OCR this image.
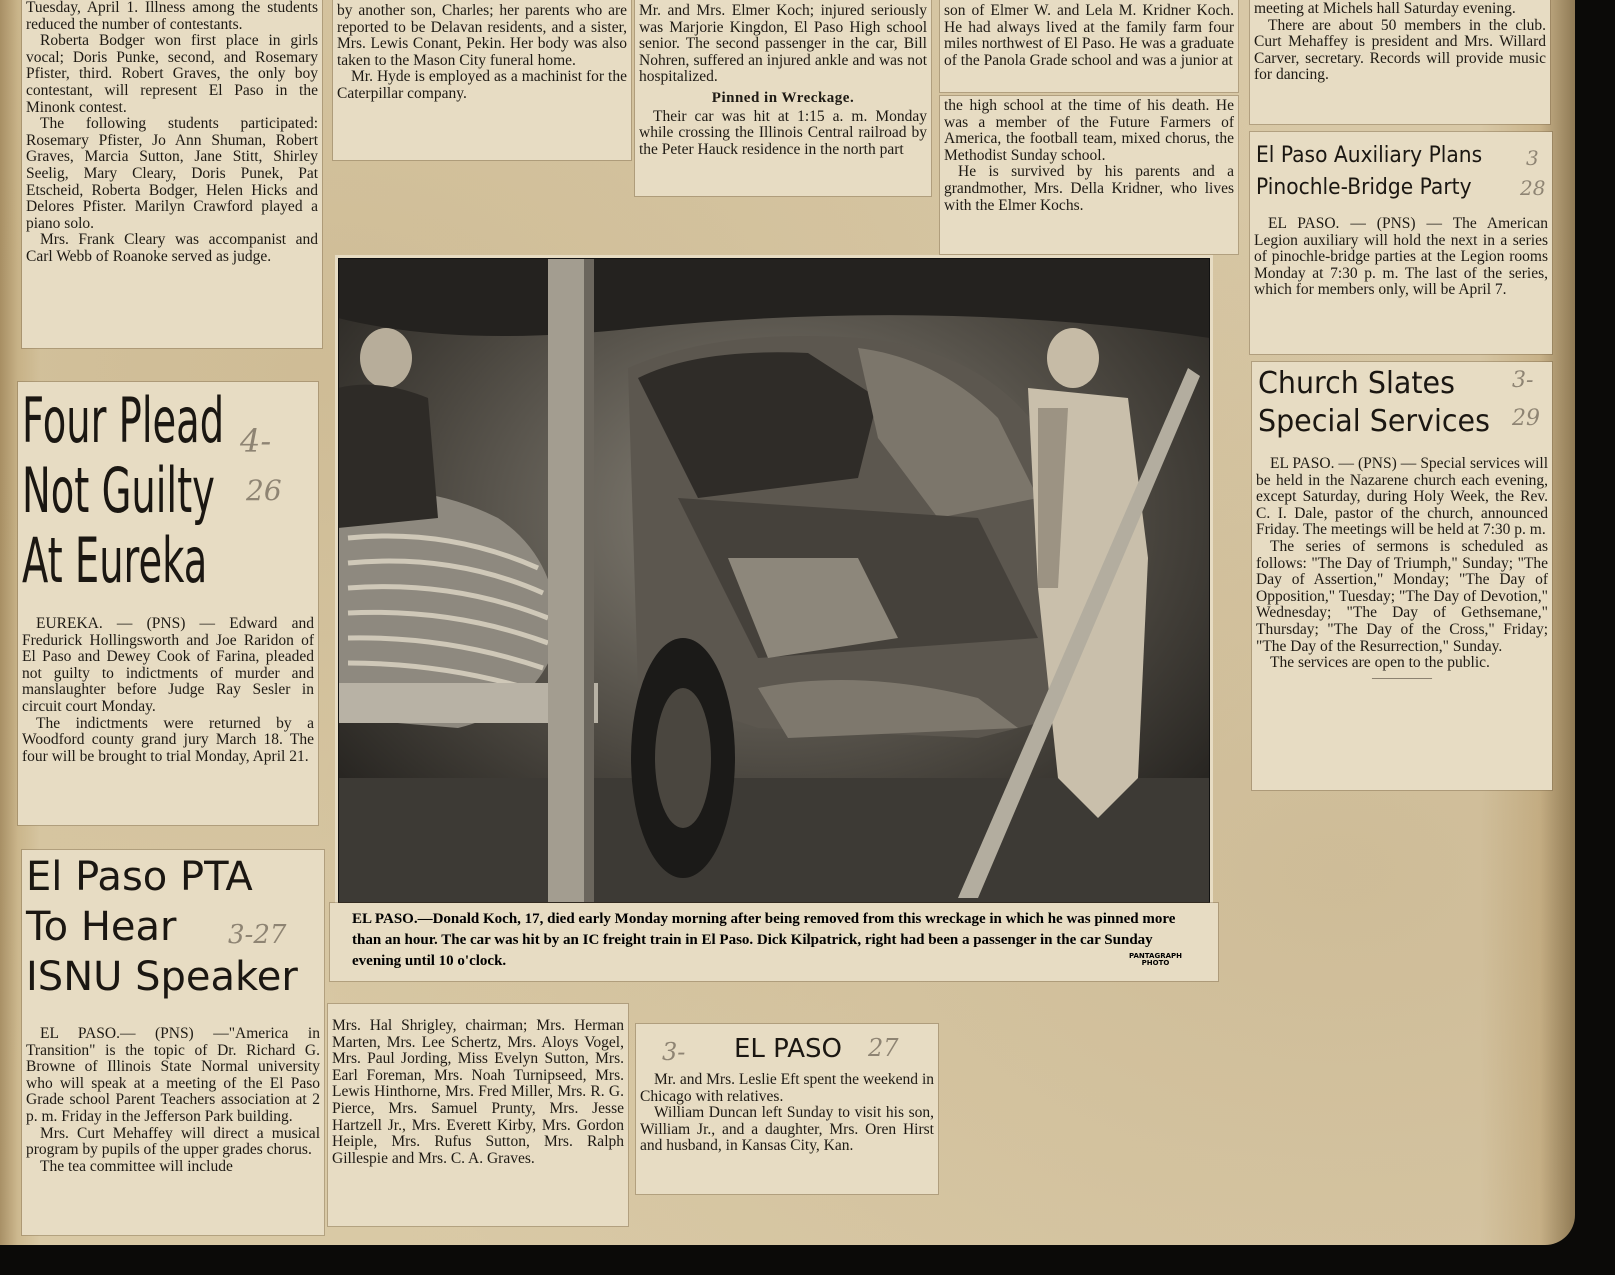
Tuesday, April 1. Illness among the students reduced the number of contestants.

Roberta Bodger won first place in girls vocal; Doris Punke, second, and Rosemary Pfister, third. Robert Graves, the only boy contestant, will represent El Paso in the Minonk contest.

The following students participated: Rosemary Pfister, Jo Ann Shuman, Robert Graves, Marcia Sutton, Jane Stitt, Shirley Seelig, Mary Cleary, Doris Punek, Pat Etscheid, Roberta Bodger, Helen Hicks and Delores Pfister. Marilyn Crawford played a piano solo.

Mrs. Frank Cleary was accompanist and Carl Webb of Roanoke served as judge.

Four Plead
Not Guilty
At Eureka
4-
26

EUREKA. — (PNS) — Edward and Fredurick Hollingsworth and Joe Raridon of El Paso and Dewey Cook of Farina, pleaded not guilty to indictments of murder and manslaughter before Judge Ray Sesler in circuit court Monday.

The indictments were returned by a Woodford county grand jury March 18. The four will be brought to trial Monday, April 21.

El Paso PTA
To Hear
ISNU Speaker
3-27

EL PASO.— (PNS) —"America in Transition" is the topic of Dr. Richard G. Browne of Illinois State Normal university who will speak at a meeting of the El Paso Grade school Parent Teachers association at 2 p. m. Friday in the Jefferson Park building.

Mrs. Curt Mehaffey will direct a musical program by pupils of the upper grades chorus.

The tea committee will include

by another son, Charles; her parents who are reported to be Delavan residents, and a sister, Mrs. Lewis Conant, Pekin. Her body was also taken to the Mason City funeral home.

Mr. Hyde is employed as a machinist for the Caterpillar company.

Mr. and Mrs. Elmer Koch; injured seriously was Marjorie Kingdon, El Paso High school senior. The second passenger in the car, Bill Nohren, suffered an injured ankle and was not hospitalized.

Pinned in Wreckage.

Their car was hit at 1:15 a. m. Monday while crossing the Illinois Central railroad by the Peter Hauck residence in the north part

son of Elmer W. and Lela M. Kridner Koch. He had always lived at the family farm four miles northwest of El Paso. He was a graduate of the Panola Grade school and was a junior at

the high school at the time of his death. He was a member of the Future Farmers of America, the football team, mixed chorus, the Methodist Sunday school.

He is survived by his parents and a grandmother, Mrs. Della Kridner, who lives with the Elmer Kochs.

meeting at Michels hall Saturday evening.

There are about 50 members in the club. Curt Mehaffey is president and Mrs. Willard Carver, secretary. Records will provide music for dancing.

El Paso Auxiliary Plans
Pinochle-Bridge Party
3
28

EL PASO. — (PNS) — The American Legion auxiliary will hold the next in a series of pinochle-bridge parties at the Legion rooms Monday at 7:30 p. m. The last of the series, which for members only, will be April 7.

Church Slates
Special Services
3-
29

EL PASO. — (PNS) — Special services will be held in the Nazarene church each evening, except Saturday, during Holy Week, the Rev. C. I. Dale, pastor of the church, announced Friday. The meetings will be held at 7:30 p. m.

The series of sermons is scheduled as follows: "The Day of Triumph," Sunday; "The Day of Assertion," Monday; "The Day of Opposition," Tuesday; "The Day of Devotion," Wednesday; "The Day of Gethsemane," Thursday; "The Day of the Cross," Friday; "The Day of the Resurrection," Sunday.

The services are open to the public.

——————
EL PASO.—Donald Koch, 17, died early Monday morning after being removed from this wreckage in which he was pinned more than an hour. The car was hit by an IC freight train in El Paso. Dick Kilpatrick, right had been a passenger in the car Sunday evening until 10 o'clock.	PANTAGRAPH
PHOTO

Mrs. Hal Shrigley, chairman; Mrs. Herman Marten, Mrs. Lee Schertz, Mrs. Aloys Vogel, Mrs. Paul Jording, Miss Evelyn Sutton, Mrs. Earl Foreman, Mrs. Noah Turnipseed, Mrs. Lewis Hinthorne, Mrs. Fred Miller, Mrs. R. G. Pierce, Mrs. Samuel Prunty, Mrs. Jesse Hartzell Jr., Mrs. Everett Kirby, Mrs. Gordon Heiple, Mrs. Rufus Sutton, Mrs. Ralph Gillespie and Mrs. C. A. Graves.

EL PASO
3-	27

Mr. and Mrs. Leslie Eft spent the weekend in Chicago with relatives.

William Duncan left Sunday to visit his son, William Jr., and a daughter, Mrs. Oren Hirst and husband, in Kansas City, Kan.
